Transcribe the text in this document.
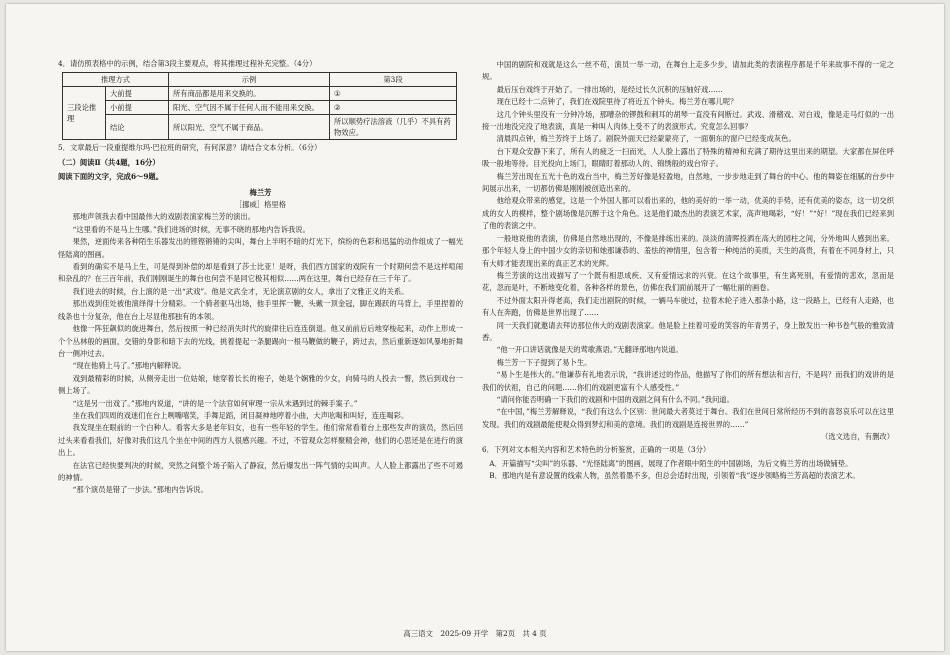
4．请仿照表格中的示例，结合第3段主要观点，将其推理过程补充完整。（4分）

推理方式		示例	第3段
三段论推理	大前提	所有商品都是用来交换的。	①
	小前提	阳光、空气因不属于任何人而不能用来交换。	②
	结论	所以阳光、空气不属于商品。	所以顺势疗法溶液（几乎）不具有药物效应。

5．文章最后一段重提维尔玛·巴拉班的研究，有何深意？请结合文本分析。（6分）

（二）阅读Ⅱ（共4题，16分）

阅读下面的文字，完成6～9题。

梅兰芳

［挪威］格里格

那地声领我去看中国最伟大的戏剧表演家梅兰芳的演出。

“这里看的不是马上生哪。”我们进场的时候，无事不晓的那地内告诉我说。

果然，逆面传来各种陌生乐器发出的铿铿锵锵的尖叫，舞台上半明不暗的灯光下，缤纷的色彩和迅猛的动作组成了一幅光怪陆离的图画。

看到的确实不是马上生，可是得到补偿的却是看到了莎士比亚！是呀，我们西方国家的戏院有一个时期何尝不是这样喧闹和杂乱的？在三百年前，我们刚刚诞生的舞台也何尝不是同它极其相似……两在这里，舞台已经存在三千年了。

我们进去的时候，台上演的是一出“武戏”。他是文武全才，无论演京剧的女人，拿出了文雅正义的关系。

那出戏到佳处被他演绎得十分精彩。一个骑者驱马出场，他手里挥一鞭，头戴一顶金冠，脚在踢跃的马背上，手里捏着的线条也十分复杂，他在台上尽显他那独有的本领。

他像一阵狂飙似的旋进舞台，然后按照一种已经消失时代的旋律往后连连倒退。他又前前后后地穿梭起来，动作上形成一个个丛林般的画面，交错的身影和暗下去的光线，挑着提起一条腿踢向一根马鞭做的鞭子，跨过去，然后重新逐如风暴地折舞台一侧冲过去。

“现在他骑上马了。”那地内解释说。

戏到最精彩的时候，从侧旁走出一位姑娘，她穿着长长的袍子，她是个娴雅的少女，向骑马的人投去一瞥，然后到戏台一侧上场了。

“这是另一出戏了。”那地内说道，“讲的是一个法官如何审理一宗从未遇到过的棘手案子。”

坐在我们四周的戏迷们在台上咧嘴嘻笑，手舞足蹈，闭目凝神地哼着小曲，大声吆喝和叫好，连连喝彩。

我发现坐在眼前的一个白种人。看客大多是老年妇女，也有一些年轻的学生。他们常常看着台上那些发声的演员，然后回过头来看看我们，好像对我们这几个坐在中间的西方人很感兴趣。不过，不管观众怎样聚精会神，他们的心思还是在进行的演出上。

在法官已经快要判决的时候，突然之间整个场子陷入了静寂，然后爆发出一阵气情的尖叫声。人人脸上都露出了些不可遏的神情。

“那个演员是错了一步法。”那地内告诉说。

中国的剧院和戏就是这么一丝不苟，演员一举一动，在舞台上走多少步，请加此类的表演程序都是千年来故事不得的一定之规。

最后压台戏终于开始了。一排出场的，是经过长久沉积的压轴好戏……

现在已经十二点钟了，我们在戏院里待了将近五个钟头。梅兰芳在哪儿呢？

这几个钟头里没有一分钟冷场，那嘈杂的锣鼓和刺耳的胡琴一直没有间断过。武戏、滑稽戏、对白戏，像是走马灯似的一出接一出地没完没了地表演，真是一种叫人肉体上受不了的表演形式。究竟怎么回事？

清晨四点钟，梅兰芳终于上场了。剧院外面天已经蒙蒙亮了，一面朝东的窗户已经变成灰色。

台下观众安静下来了，所有人的疲乏一扫而光，人人脸上露出了特殊的精神和充满了期待这里出来的期望。大家都在屏住呼吸一般地等待。目光投向上场门，眼睛盯着那动人的、锦绣般的戏台帘子。

梅兰芳出现在五光十色的戏台当中，梅兰芳好像是轻盈地，自然地，一步步地走到了舞台的中心。他的舞姿在细腻的台步中间展示出来，一切都仿佛是刚刚被创造出来的。

他给观众带来的感觉，这是一个外国人都可以看出来的，他的美好的一举一动，优美的手势，还有优美的姿态，这一切交织成的女人的模样，整个剧场像是沉醉于这个角色。这是他们最杰出的表演艺术家，高声地喝彩，“好！”“好！”现在我们已经来到了他的表演之中。

一般地说他的表演，仿佛是自然地出现的，不像是排练出来的。淡淡的清晖投洒在高大的园柱之间，分外地叫人感到出来。那个年轻人身上的中国少女的亲切和她那谦恭的、羞怯的神情里，包含着一种纯洁的美质，天生的高贵，有着在不同身材上，只有大师才能表现出来的真正艺术的光辉。

梅兰芳演的这出戏描写了一个既有相思成疾、又有爱情远求的兴衰。在这个故事里，有生离死别，有爱情的悲欢，忽而是花，忽而是叶，不断地变化着，各种各样的景色，仿佛在我们面前展开了一幅壮丽的画卷。

不过外面太阳升得老高，我们走出剧院的时候，一辆马车驶过，拉着木轮子进入那条小路，这一段路上，已经有人走路，也有人在奔跑，仿佛是世界出现了……

同一天我们就邀请去拜访那位伟大的戏剧表演家。他是脸上挂着可爱的笑容的年青男子，身上散发出一种书卷气般的雅致清香。

“他一开口讲话就像是天的莺歌燕语。”无翻译那地内说道。

梅兰芳一下子提到了易卜生。

“易卜生是伟大的。”他谦恭有礼地表示说，“我讲述过的作品，他描写了你们的所有想法和言行，不是吗？而我们的戏讲的是我们的伏祖，自己的问题……你们的戏剧更富有个人感受性。”

“请问你能否明确一下我们的戏剧和中国的戏剧之间有什么不同。”我问道。

“在中国，”梅兰芳解释说，“我们有这么个区别：世间最大者莫过于舞台。我们在世间日常所经历不到的喜怒哀乐可以在这里发现。我们的戏剧最能使观众得到梦幻和美的意境。我们的戏剧是连接世界的……”

（选文选自，有删改）

6．下列对文本相关内容和艺术特色的分析鉴赏，正确的一项是（3分）

A．开篇描写“尖叫”的乐器、“光怪陆离”的图画，展现了作者眼中陌生的中国剧场，为后文梅兰芳的出场做铺垫。

B．那地内是有意设置的线索人物，虽然着墨不多，但总会适时出现，引领着“我”逐步领略梅兰芳高超的表演艺术。

高三语文　2025-09 开学　第2页　共 4 页
